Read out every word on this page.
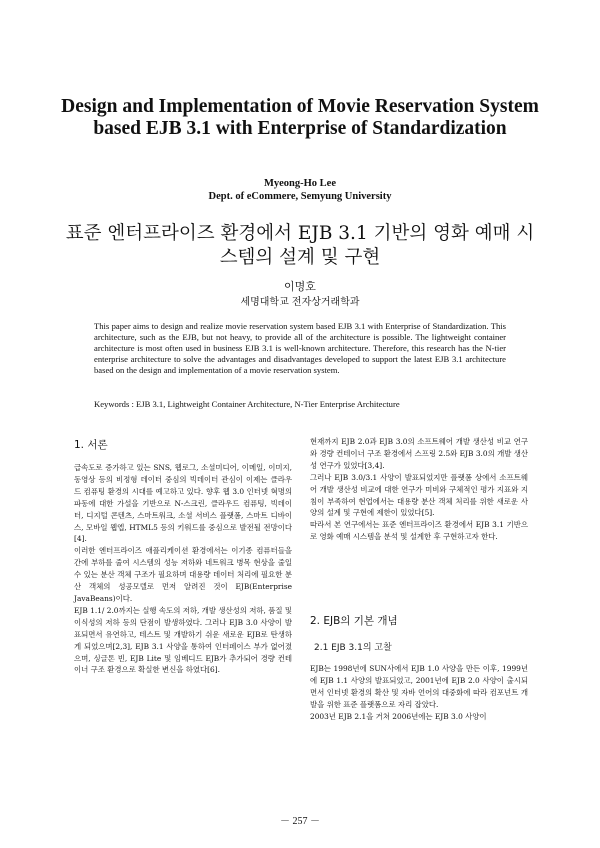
Design and Implementation of Movie Reservation System based EJB 3.1 with Enterprise of Standardization
Myeong-Ho Lee
Dept. of eCommere, Semyung University
표준 엔터프라이즈 환경에서 EJB 3.1 기반의 영화 예매 시스템의 설계 및 구현
이명호
세명대학교 전자상거래학과
This paper aims to design and realize movie reservation system based EJB 3.1 with Enterprise of Standardization. This architecture, such as the EJB, but not heavy, to provide all of the architecture is possible. The lightweight container architecture is most often used in business EJB 3.1 is well-known architecture. Therefore, this research has the N-tier enterprise architecture to solve the advantages and disadvantages developed to support the latest EJB 3.1 architecture based on the design and implementation of a movie reservation system.
Keywords : EJB 3.1, Lightweight Container Architecture, N-Tier Enterprise Architecture
1. 서론

급속도로 증가하고 있는 SNS, 웹로그, 소셜미디어, 이메일, 이미지, 동영상 등의 비정형 데이터 중심의 빅데이터 관심이 이제는 클라우드 컴퓨팅 환경의 시대를 예고하고 있다. 향후 웹 3.0 인터넷 혁명의 파동에 대한 가설을 기반으로 N-스크린, 클라우드 컴퓨팅, 빅데이터, 디지털 콘텐츠, 스마트워크, 소셜 서비스 플랫폼, 스마트 디바이스, 모바일 웹엡, HTML5 등의 키워드를 중심으로 발전될 전망이다[4].

이러한 엔터프라이즈 애플리케이션 환경에서는 이기종 컴퓨터들을 간에 부하를 줄여 시스템의 성능 저하와 네트워크 병목 현상을 줄일 수 있는 분산 객체 구조가 필요하며 대용량 데이터 처리에 필요한 분산 객체의 성공모델로 먼저 알려진 것이 EJB(Enterprise JavaBeans)이다.

EJB 1.1/ 2.0까지는 실행 속도의 저하, 개발 생산성의 저하, 품질 및 이식성의 저하 등의 단점이 발생하였다. 그러나 EJB 3.0 사양이 발표되면서 유연하고, 테스트 및 개발하기 쉬운 새로운 EJB로 탄생하게 되었으며[2,3], EJB 3.1 사양을 통하여 인터페이스 부가 없어졌으며, 싱글톤 빈, EJB Lite 및 임베디드 EJB가 추가되어 경량 컨테이너 구조 환경으로 확실한 변신을 하였다[6].

현재까지 EJB 2.0과 EJB 3.0의 소프트웨어 개발 생산성 비교 연구와 경량 컨테이너 구조 환경에서 스프링 2.5와 EJB 3.0의 개발 생산성 연구가 있었다[3,4].

그러나 EJB 3.0/3.1 사양이 발표되었지만 플랫폼 상에서 소프트웨어 개발 생산성 비교에 대한 연구가 미비와 구체적인 평가 지표와 지침이 부족하여 현업에서는 대용량 분산 객체 처리를 위한 새로운 사양의 설계 및 구현에 제한이 있었다[5].

따라서 본 연구에서는 표준 엔터프라이즈 환경에서 EJB 3.1 기반으로 영화 예매 시스템을 분석 및 설계한 후 구현하고자 한다.

2. EJB의 기본 개념
2.1 EJB 3.1의 고찰

EJB는 1998년에 SUN사에서 EJB 1.0 사양을 만든 이후, 1999년에 EJB 1.1 사양의 발표되었고, 2001년에 EJB 2.0 사양이 출시되면서 인터넷 환경의 확산 및 자바 언어의 대중화에 따라 컴포넌트 개발을 위한 표준 플랫폼으로 자리 잡았다.

2003년 EJB 2.1을 거쳐 2006년에는 EJB 3.0 사양이

－ 257 －
